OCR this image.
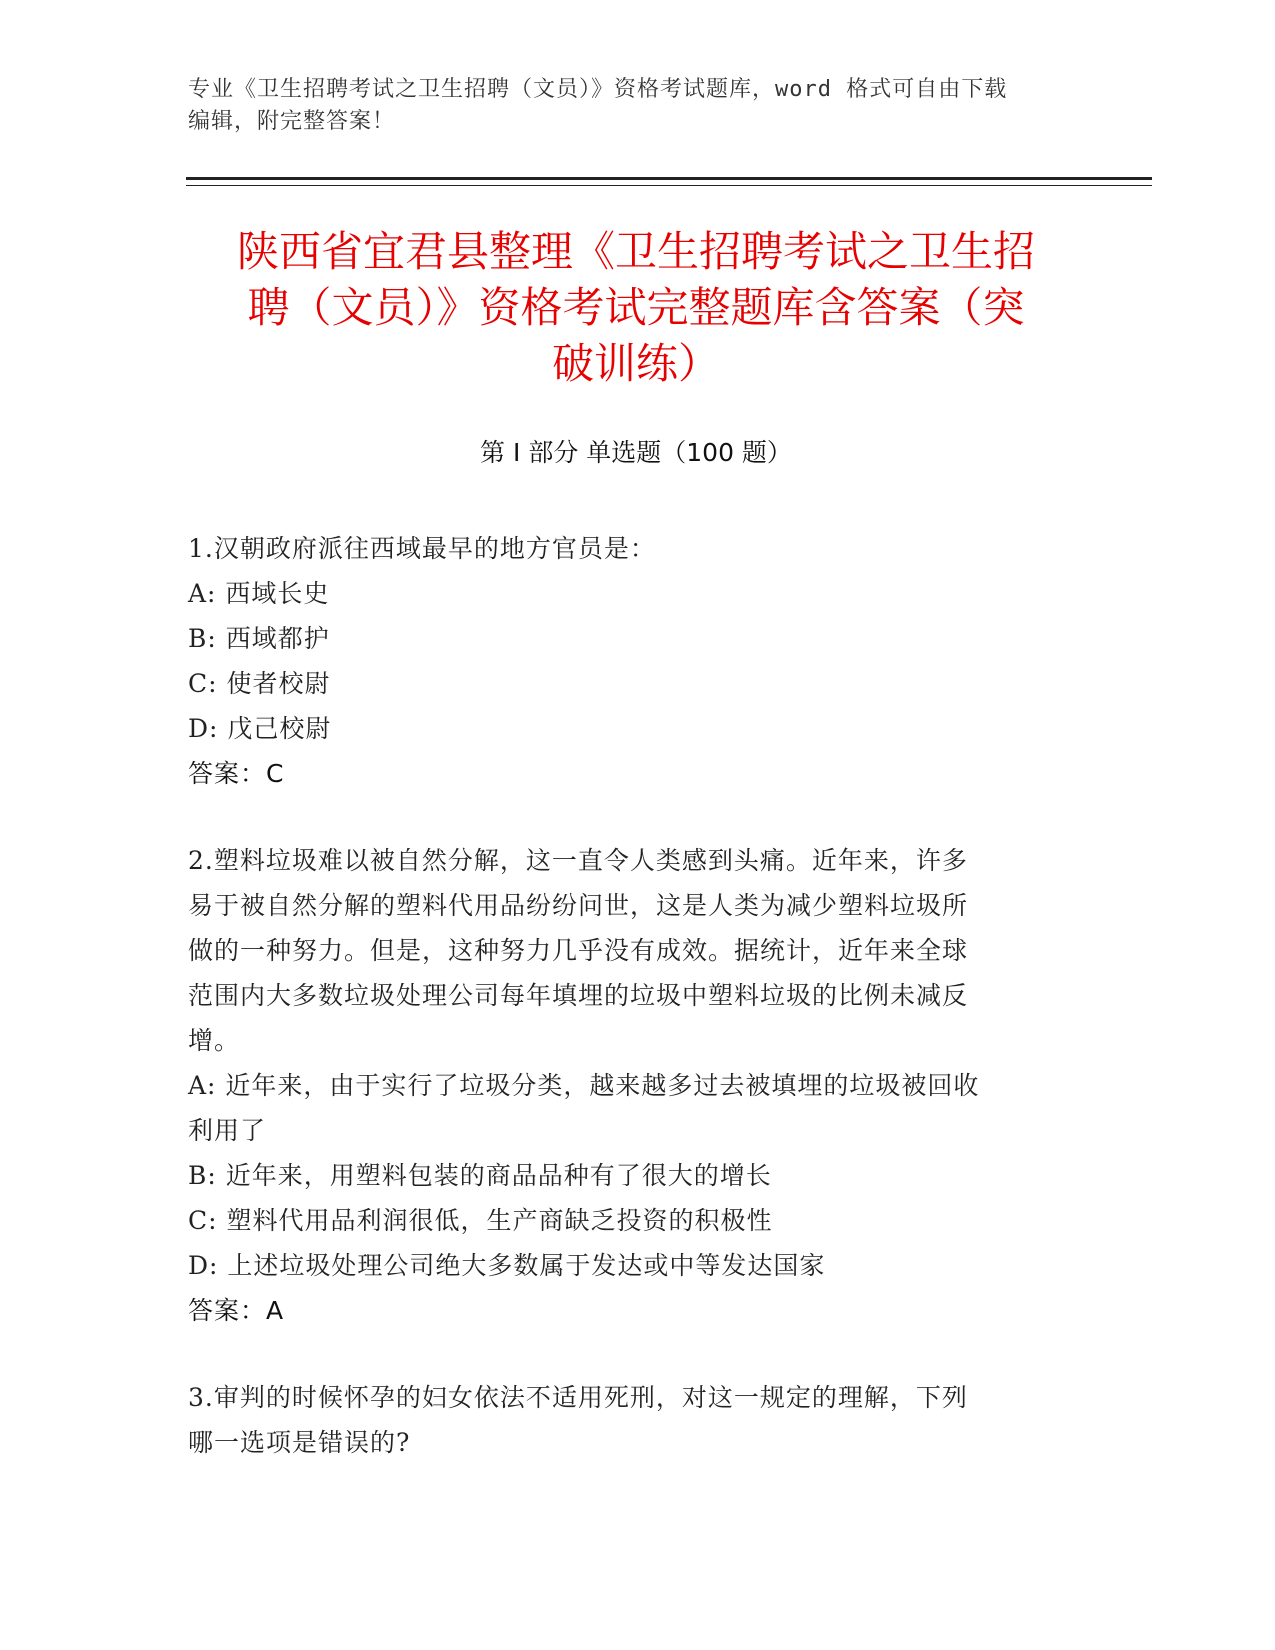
专业《卫生招聘考试之卫生招聘（文员）》资格考试题库，word 格式可自由下载
编辑，附完整答案！
陕西省宜君县整理《卫生招聘考试之卫生招
聘（文员）》资格考试完整题库含答案（突
破训练）
第 I 部分 单选题（100 题）

1.汉朝政府派往西域最早的地方官员是：

A: 西域长史

B: 西域都护

C: 使者校尉

D: 戊己校尉

答案：C

2.塑料垃圾难以被自然分解，这一直令人类感到头痛。近年来，许多

易于被自然分解的塑料代用品纷纷问世，这是人类为减少塑料垃圾所

做的一种努力。但是，这种努力几乎没有成效。据统计，近年来全球

范围内大多数垃圾处理公司每年填埋的垃圾中塑料垃圾的比例未减反

增。

A: 近年来，由于实行了垃圾分类，越来越多过去被填埋的垃圾被回收

利用了

B: 近年来，用塑料包装的商品品种有了很大的增长

C: 塑料代用品利润很低，生产商缺乏投资的积极性

D: 上述垃圾处理公司绝大多数属于发达或中等发达国家

答案：A

3.审判的时候怀孕的妇女依法不适用死刑，对这一规定的理解，下列

哪一选项是错误的?
